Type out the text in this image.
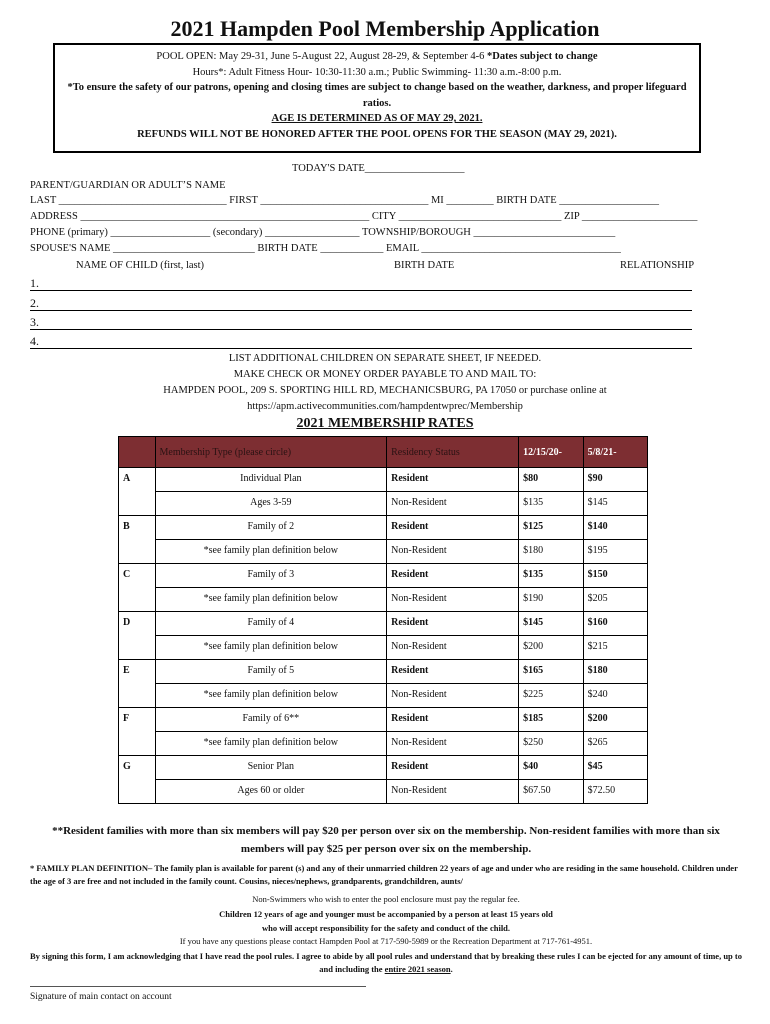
2021 Hampden Pool Membership Application
POOL OPEN: May 29-31, June 5-August 22, August 28-29, & September 4-6 *Dates subject to change
Hours*: Adult Fitness Hour- 10:30-11:30 a.m.; Public Swimming- 11:30 a.m.-8:00 p.m.
*To ensure the safety of our patrons, opening and closing times are subject to change based on the weather, darkness, and proper lifeguard ratios.
AGE IS DETERMINED AS OF MAY 29, 2021.
REFUNDS WILL NOT BE HONORED AFTER THE POOL OPENS FOR THE SEASON (MAY 29, 2021).
TODAY'S DATE___________________
PARENT/GUARDIAN OR ADULT’S NAME
LAST ________________________________ FIRST ________________________________ MI _________ BIRTH DATE ___________________
ADDRESS _______________________________________________________ CITY _______________________________ ZIP ______________________
PHONE (primary) ___________________ (secondary) __________________ TOWNSHIP/BOROUGH ___________________________
SPOUSE'S NAME ___________________________ BIRTH DATE ____________ EMAIL ______________________________________
NAME OF CHILD (first, last)	BIRTH DATE	RELATIONSHIP
1.
2.
3.
4.
LIST ADDITIONAL CHILDREN ON SEPARATE SHEET, IF NEEDED.
MAKE CHECK OR MONEY ORDER PAYABLE TO AND MAIL TO:
HAMPDEN POOL, 209 S. SPORTING HILL RD, MECHANICSBURG, PA 17050 or purchase online at
https://apm.activecommunities.com/hampdentwprec/Membership
2021 MEMBERSHIP RATES
	Membership Type (please circle)	Residency Status	12/15/20-	5/8/21-
A	Individual Plan	Resident	$80	$90
	Ages 3-59	Non-Resident	$135	$145
B	Family of 2	Resident	$125	$140
	*see family plan definition below	Non-Resident	$180	$195
C	Family of 3	Resident	$135	$150
	*see family plan definition below	Non-Resident	$190	$205
D	Family of 4	Resident	$145	$160
	*see family plan definition below	Non-Resident	$200	$215
E	Family of 5	Resident	$165	$180
	*see family plan definition below	Non-Resident	$225	$240
F	Family of 6**	Resident	$185	$200
	*see family plan definition below	Non-Resident	$250	$265
G	Senior Plan	Resident	$40	$45
	Ages 60 or older	Non-Resident	$67.50	$72.50
**Resident families with more than six members will pay $20 per person over six on the membership. Non-resident families with more than six members will pay $25 per person over six on the membership.
* FAMILY PLAN DEFINITION– The family plan is available for parent (s) and any of their unmarried children 22 years of age and under who are residing in the same household. Children under the age of 3 are free and not included in the family count. Cousins, nieces/nephews, grandparents, grandchildren, aunts/
Non-Swimmers who wish to enter the pool enclosure must pay the regular fee.
Children 12 years of age and younger must be accompanied by a person at least 15 years old
who will accept responsibility for the safety and conduct of the child.
If you have any questions please contact Hampden Pool at 717-590-5989 or the Recreation Department at 717-761-4951.
By signing this form, I am acknowledging that I have read the pool rules. I agree to abide by all pool rules and understand that by breaking these rules I can be ejected for any amount of time, up to and including the entire 2021 season.
Signature of main contact on account
